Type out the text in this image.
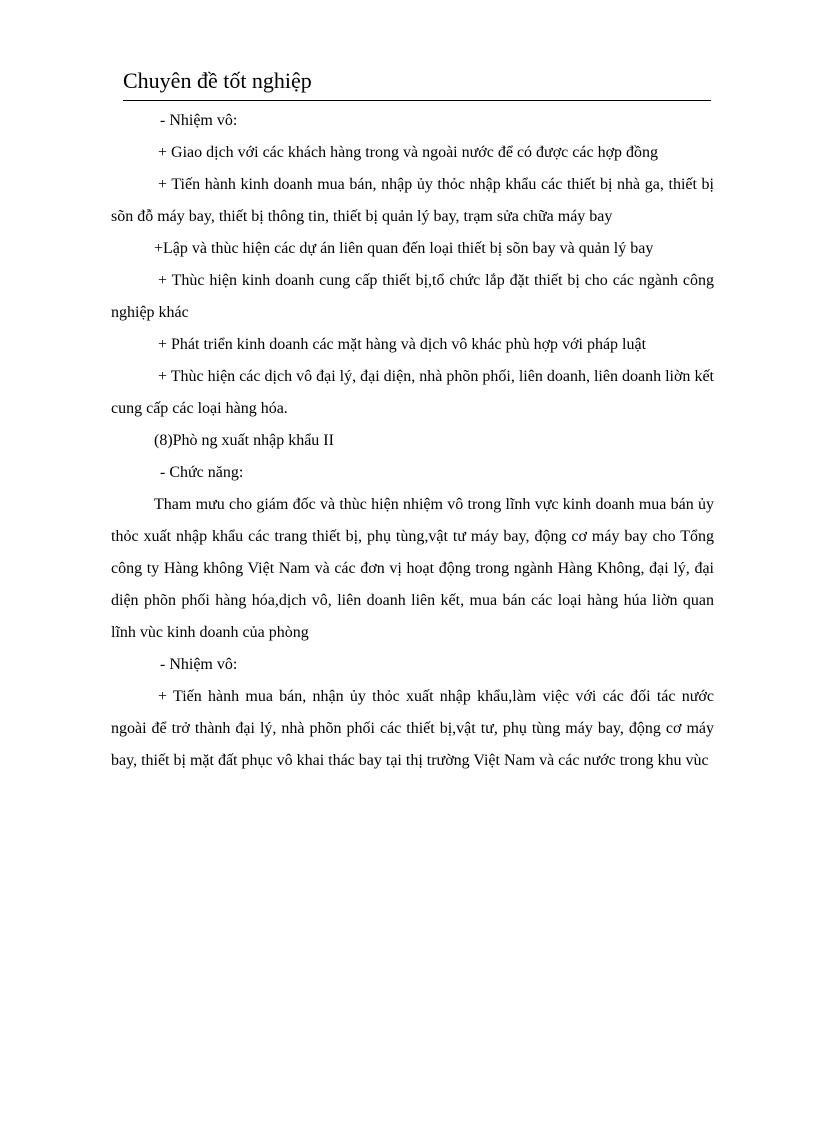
Chuyên đề tốt nghiệp

- Nhiệm vô:

+ Giao dịch với các khách hàng trong và ngoài nước để có được các hợp đồng

+ Tiến hành kinh doanh mua bán, nhập ủy thỏc nhập khẩu các thiết bị nhà ga, thiết bị sõn đỗ máy bay, thiết bị thông tin, thiết bị quản lý bay, trạm sửa chữa máy bay

+Lập và thùc hiện các dự án liên quan đến loại thiết bị sõn bay và quản lý bay

+ Thùc hiện kinh doanh cung cấp thiết bị,tổ chức lắp đặt thiết bị cho các ngành công nghiệp khác

+ Phát triển kinh doanh các mặt hàng và dịch vô khác phù hợp với pháp luật

+ Thùc hiện các dịch vô đại lý, đại diện, nhà phõn phối, liên doanh, liên doanh liờn kết cung cấp các loại hàng hóa.

(8)Phò ng xuất nhập khẩu II

- Chức năng:

Tham mưu cho giám đốc và thùc hiện nhiệm vô trong lĩnh vực kinh doanh mua bán ủy thỏc xuất nhập khẩu các trang thiết bị, phụ tùng,vật tư máy bay, động cơ máy bay cho Tổng công ty Hàng không Việt Nam và các đơn vị hoạt động trong ngành Hàng Không, đại lý, đại diện phõn phối hàng hóa,dịch vô, liên doanh liên kết, mua bán các loại hàng húa liờn quan lĩnh vùc kinh doanh của phòng

- Nhiệm vô:

+ Tiến hành mua bán, nhận ủy thỏc xuất nhập khẩu,làm việc với các đối tác nước ngoài để trở thành đại lý, nhà phõn phối các thiết bị,vật tư, phụ tùng máy bay, động cơ máy bay, thiết bị mặt đất phục vô khai thác bay tại thị trường Việt Nam và các nước trong khu vùc
